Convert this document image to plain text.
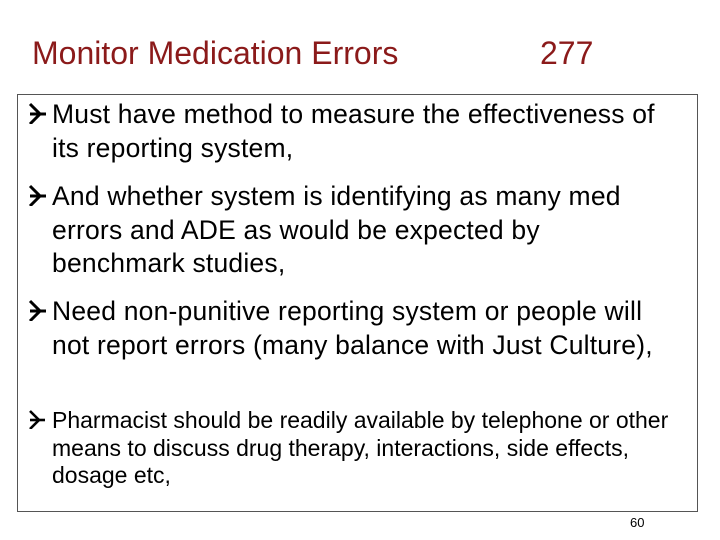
Monitor Medication Errors	277
Must have method to measure the effectiveness of its reporting system,
And whether system is identifying as many med errors and ADE as would be expected by benchmark studies,
Need non-punitive reporting system or people will not report errors (many balance with Just Culture),
Pharmacist should be readily available by telephone or other means to discuss drug therapy, interactions, side effects, dosage etc,
60
